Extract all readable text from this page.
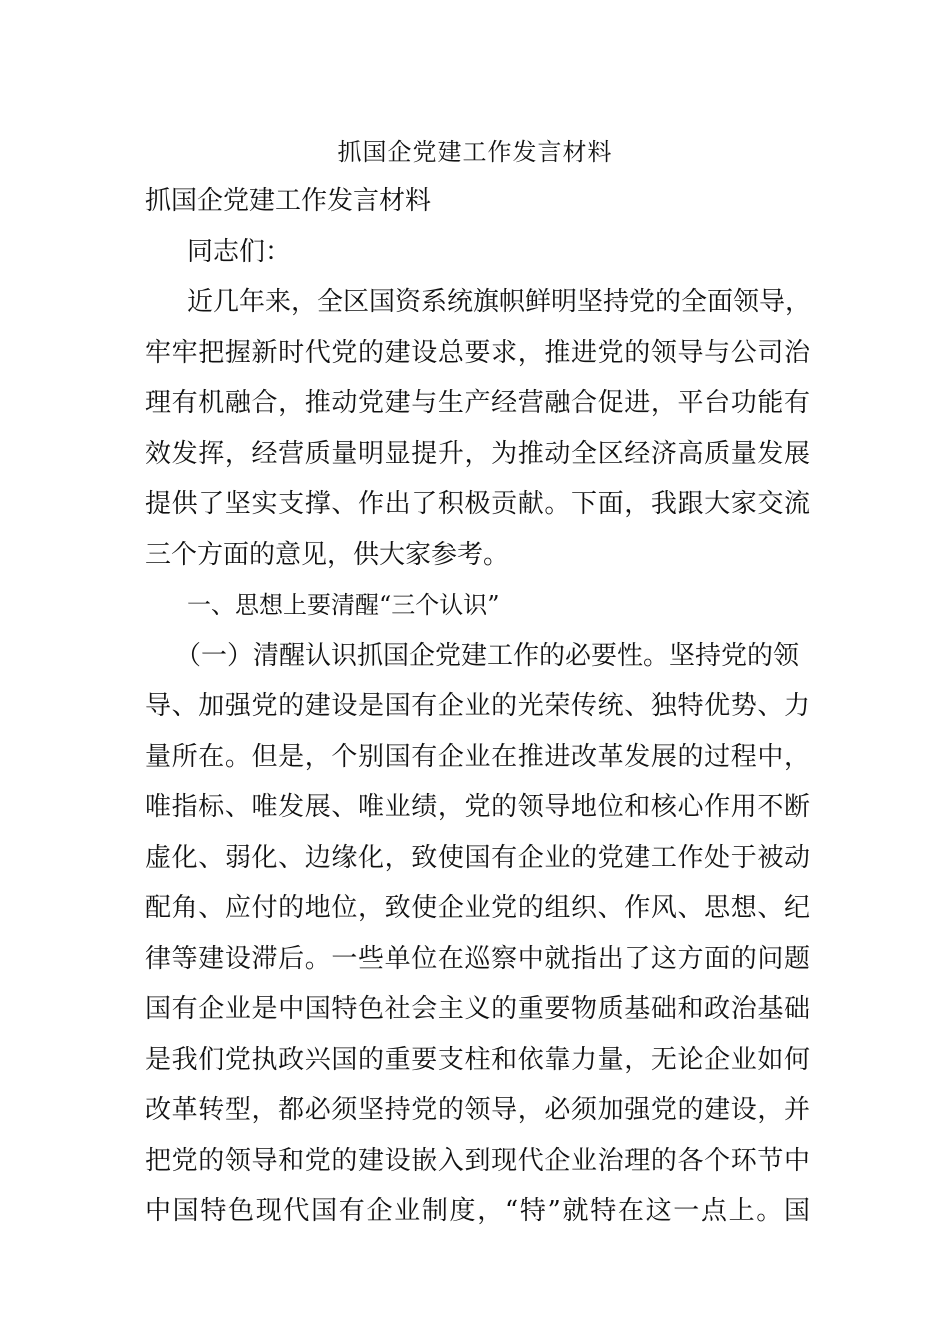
抓国企党建工作发言材料
抓国企党建工作发言材料
同志们：
近几年来，全区国资系统旗帜鲜明坚持党的全面领导，
牢牢把握新时代党的建设总要求，推进党的领导与公司治
理有机融合，推动党建与生产经营融合促进，平台功能有
效发挥，经营质量明显提升，为推动全区经济高质量发展
提供了坚实支撑、作出了积极贡献。下面，我跟大家交流
三个方面的意见，供大家参考。
一、思想上要清醒“三个认识”
（一）清醒认识抓国企党建工作的必要性。坚持党的领
导、加强党的建设是国有企业的光荣传统、独特优势、力
量所在。但是，个别国有企业在推进改革发展的过程中，
唯指标、唯发展、唯业绩，党的领导地位和核心作用不断
虚化、弱化、边缘化，致使国有企业的党建工作处于被动
配角、应付的地位，致使企业党的组织、作风、思想、纪
律等建设滞后。一些单位在巡察中就指出了这方面的问题
国有企业是中国特色社会主义的重要物质基础和政治基础
是我们党执政兴国的重要支柱和依靠力量，无论企业如何
改革转型，都必须坚持党的领导，必须加强党的建设，并
把党的领导和党的建设嵌入到现代企业治理的各个环节中
中国特色现代国有企业制度，“特”就特在这一点上。国
